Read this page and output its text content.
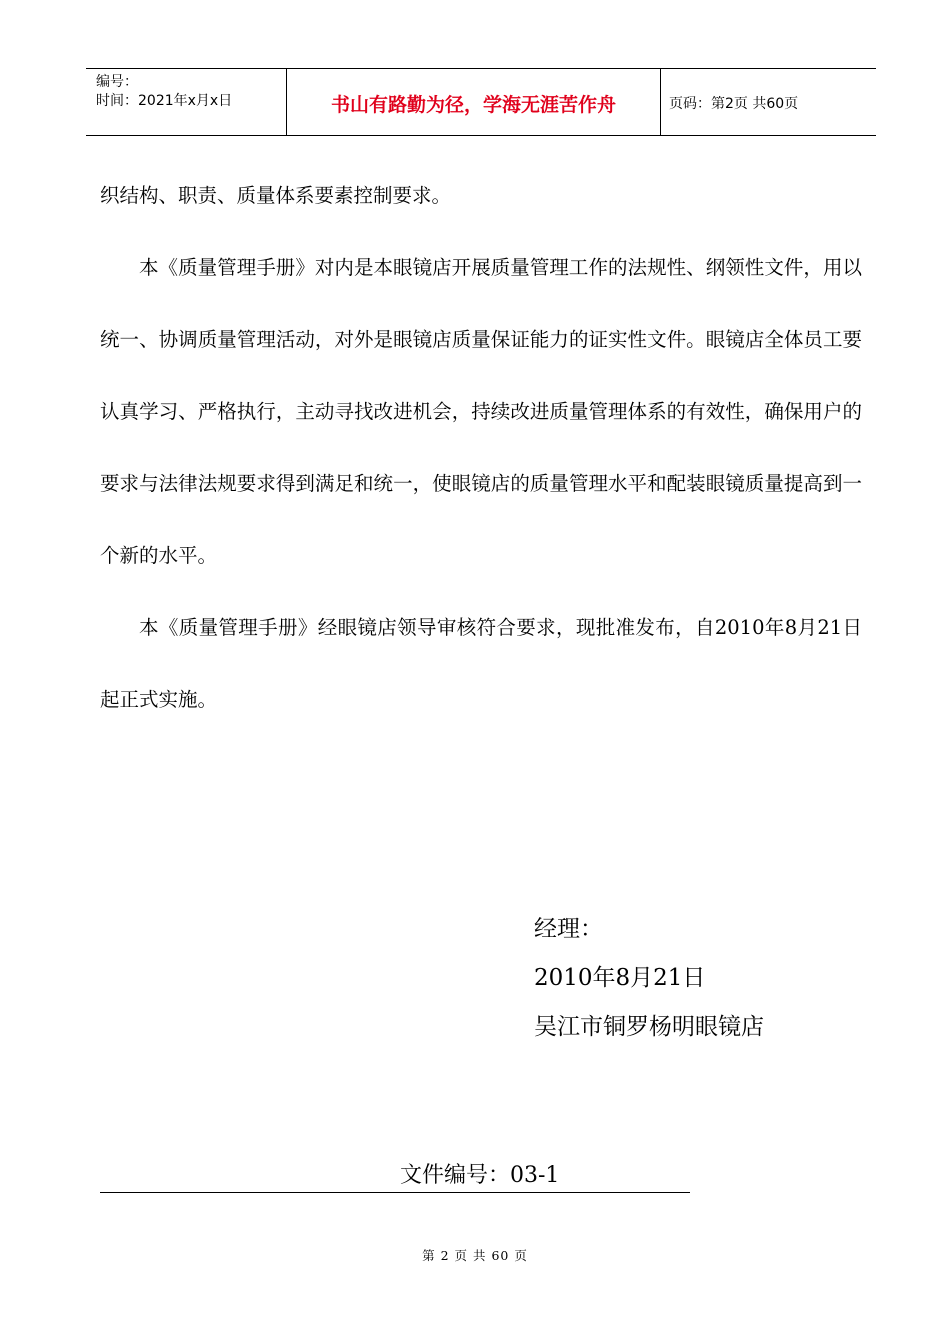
编号：
时间：2021年x月x日	书山有路勤为径，学海无涯苦作舟	页码：第2页 共60页

织结构、职责、质量体系要素控制要求。

本《质量管理手册》对内是本眼镜店开展质量管理工作的法规性、纲领性文件，用以统一、协调质量管理活动，对外是眼镜店质量保证能力的证实性文件。眼镜店全体员工要认真学习、严格执行，主动寻找改进机会，持续改进质量管理体系的有效性，确保用户的要求与法律法规要求得到满足和统一，使眼镜店的质量管理水平和配装眼镜质量提高到一个新的水平。

本《质量管理手册》经眼镜店领导审核符合要求，现批准发布，自2010年8月21日起正式实施。

经理：
2010年8月21日
吴江市铜罗杨明眼镜店
文件编号：03-1
第 2 页 共 60 页
